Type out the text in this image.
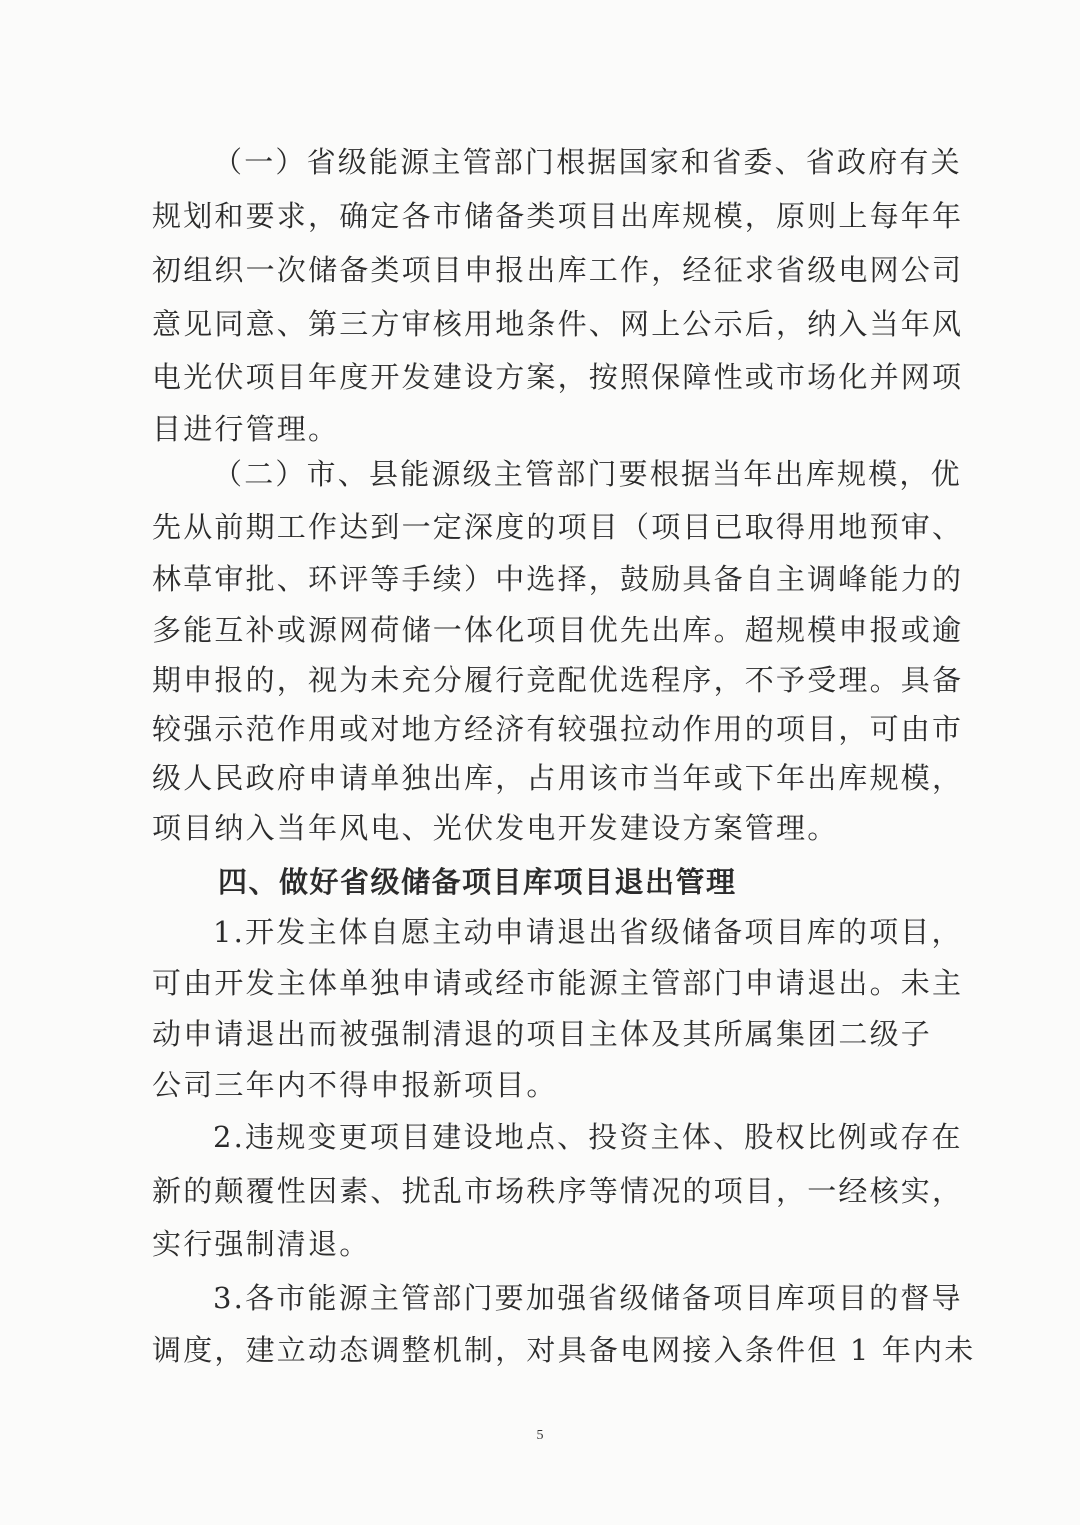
（一）省级能源主管部门根据国家和省委、省政府有关
规划和要求，确定各市储备类项目出库规模，原则上每年年
初组织一次储备类项目申报出库工作，经征求省级电网公司
意见同意、第三方审核用地条件、网上公示后，纳入当年风
电光伏项目年度开发建设方案，按照保障性或市场化并网项
目进行管理。
（二）市、县能源级主管部门要根据当年出库规模，优
先从前期工作达到一定深度的项目（项目已取得用地预审、
林草审批、环评等手续）中选择，鼓励具备自主调峰能力的
多能互补或源网荷储一体化项目优先出库。超规模申报或逾
期申报的，视为未充分履行竞配优选程序，不予受理。具备
较强示范作用或对地方经济有较强拉动作用的项目，可由市
级人民政府申请单独出库，占用该市当年或下年出库规模，
项目纳入当年风电、光伏发电开发建设方案管理。
四、做好省级储备项目库项目退出管理
1.开发主体自愿主动申请退出省级储备项目库的项目，
可由开发主体单独申请或经市能源主管部门申请退出。未主
动申请退出而被强制清退的项目主体及其所属集团二级子
公司三年内不得申报新项目。
2.违规变更项目建设地点、投资主体、股权比例或存在
新的颠覆性因素、扰乱市场秩序等情况的项目，一经核实，
实行强制清退。
3.各市能源主管部门要加强省级储备项目库项目的督导
调度，建立动态调整机制，对具备电网接入条件但 1 年内未
5
